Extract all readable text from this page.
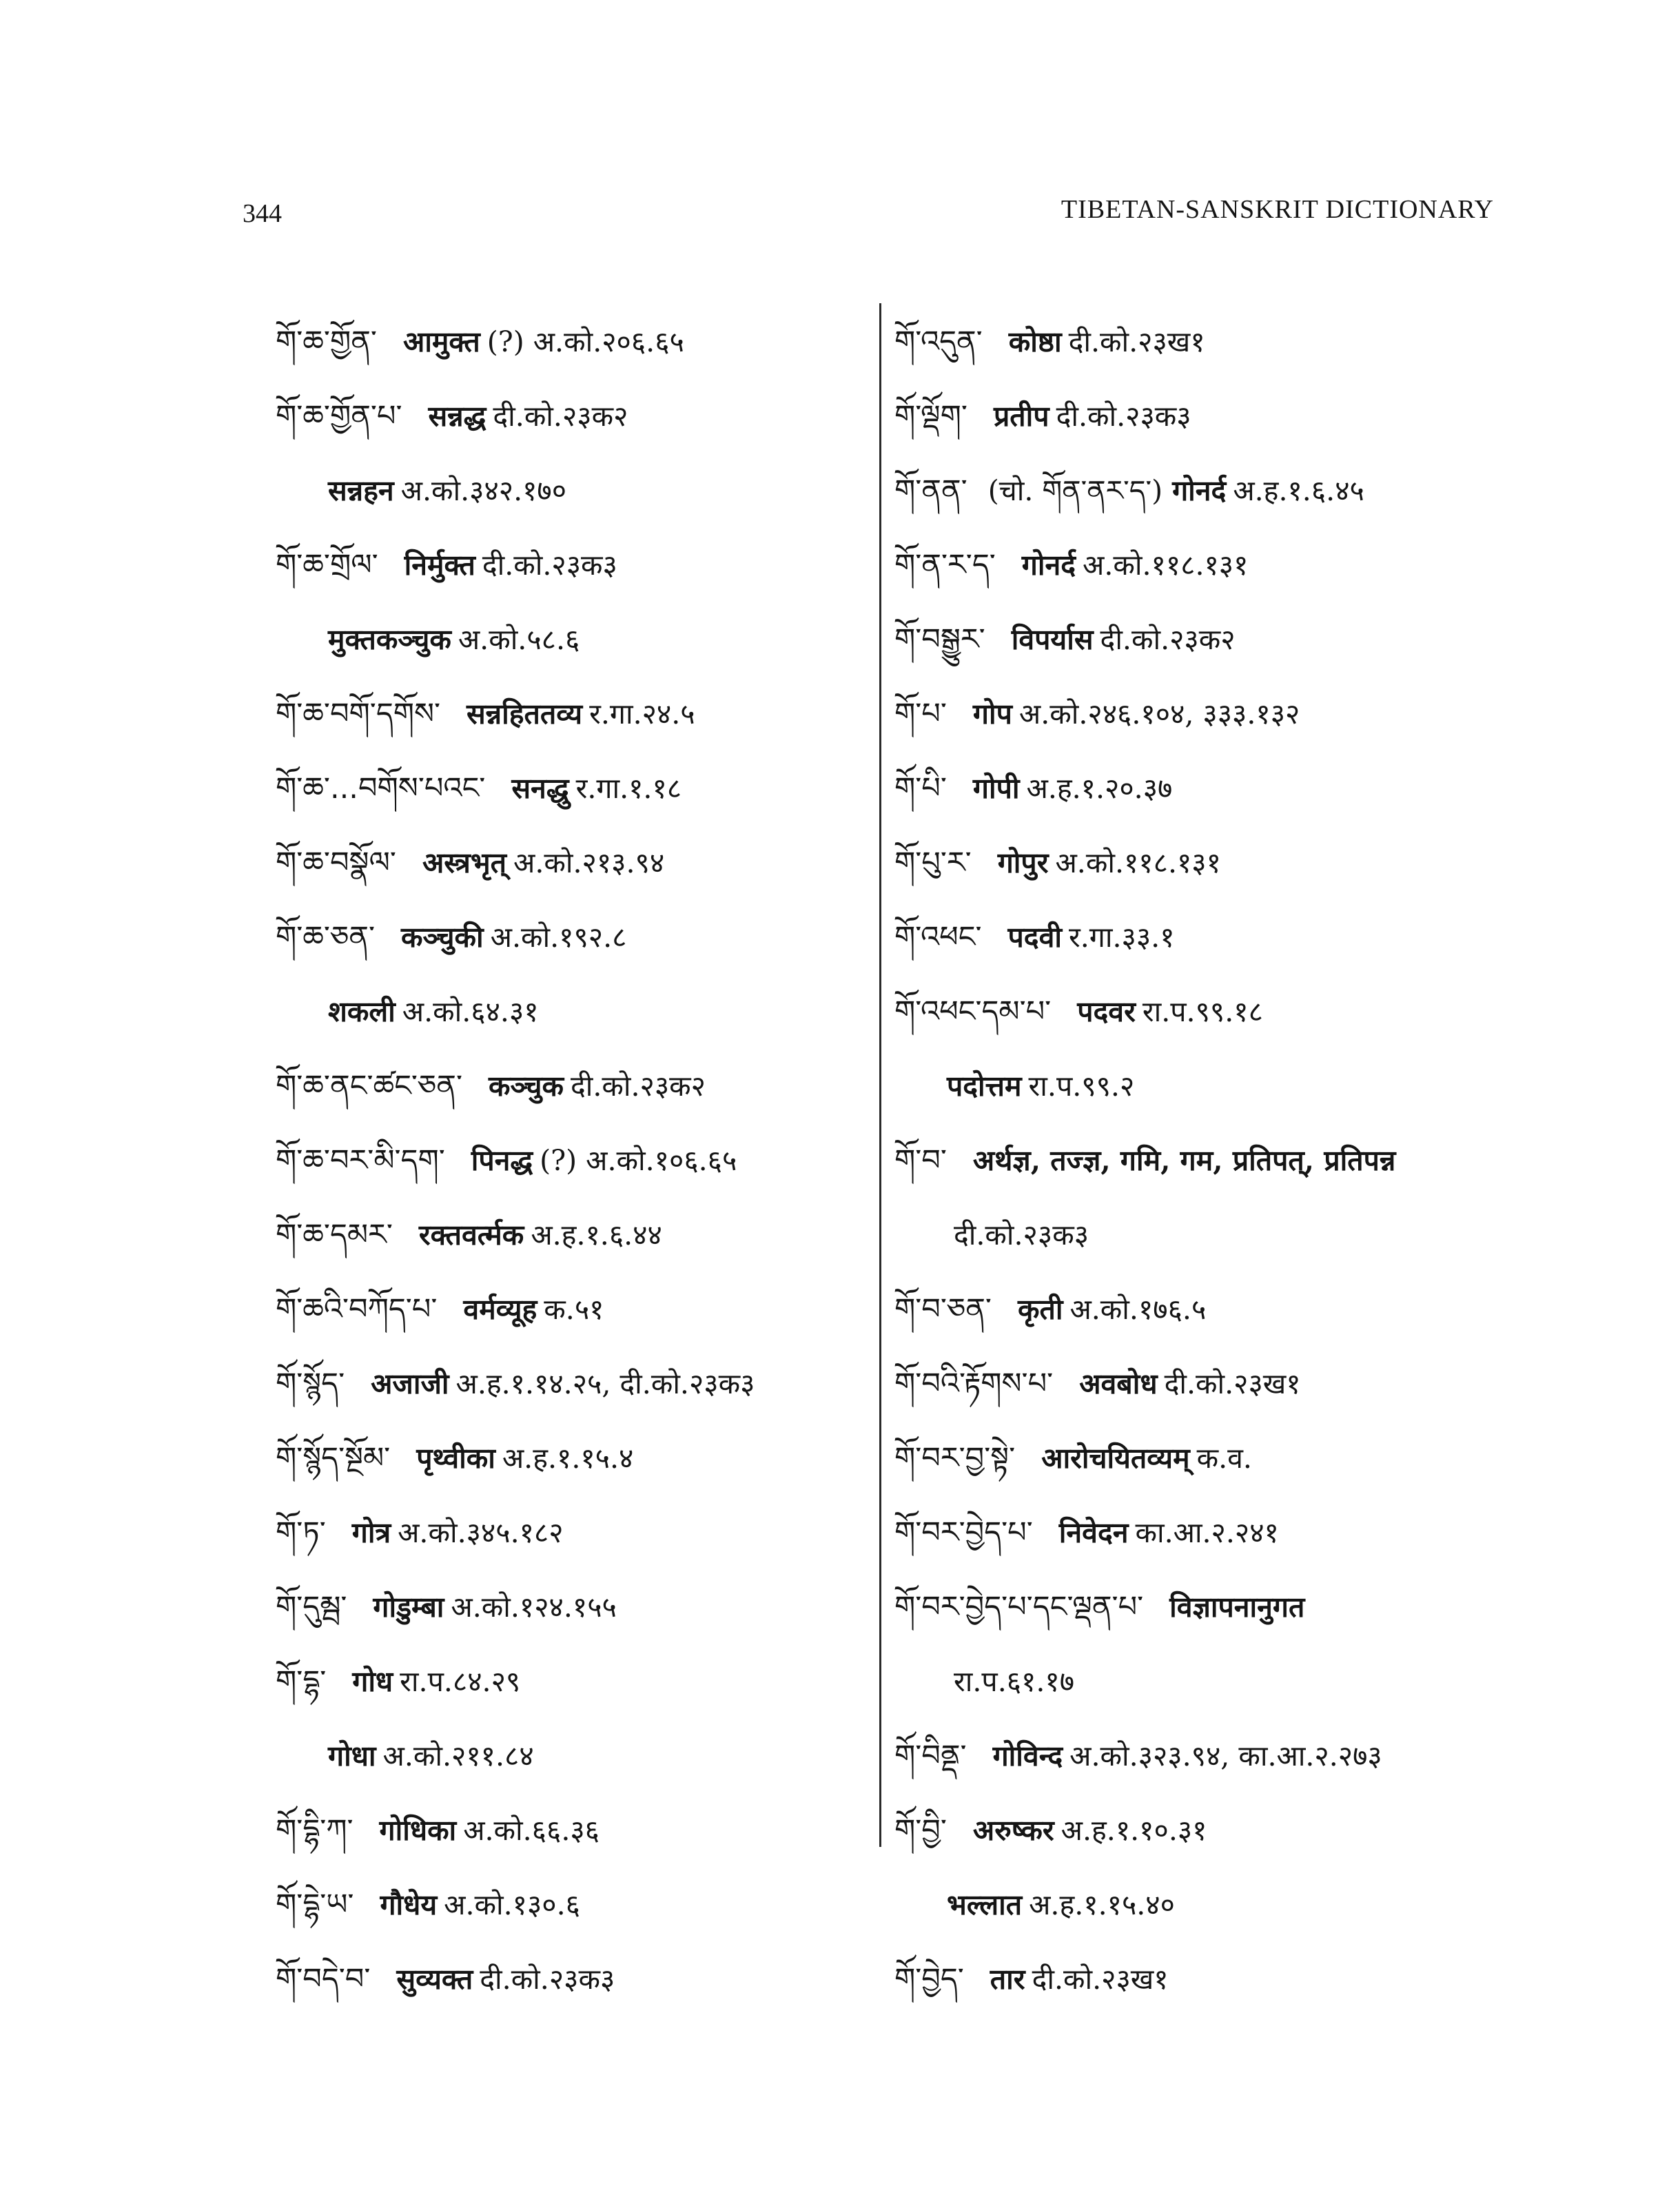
344	TIBETAN-SANSKRIT DICTIONARY
གོ་ཆ་གྱོན་ आमुक्त (?) अ.को.२०६.६५
གོ་ཆ་གྱོན་པ་ सन्नद्ध दी.को.२३क२
सन्नहन अ.को.३४२.१७०
གོ་ཆ་གྲོལ་ निर्मुक्त दी.को.२३क३
मुक्तकञ्चुक अ.को.५८.६
གོ་ཆ་བགོ་དགོས་ सन्नहिततव्य र.गा.२४.५
གོ་ཆ་...བགོས་པའང་ सनद्धु र.गा.१.१८
གོ་ཆ་བསྣོལ་ अस्त्रभृत् अ.को.२१३.९४
གོ་ཆ་ཅན་ कञ्चुकी अ.को.१९२.८
शकली अ.को.६४.३१
གོ་ཆ་ནང་ཚང་ཅན་ कञ्चुक दी.को.२३क२
གོ་ཆ་བར་མི་དག་ पिनद्ध (?) अ.को.१०६.६५
གོ་ཆ་དམར་ रक्तवर्त्मक अ.ह.१.६.४४
གོ་ཆའི་བཀོད་པ་ वर्मव्यूह क.५१
གོ་སྙོད་ अजाजी अ.ह.१.१४.२५, दी.को.२३क३
གོ་སྙོད་སྔོམ་ पृथ्वीका अ.ह.१.१५.४
གོ་ཏ་ गोत्र अ.को.३४५.१८२
གོ་དུམྦ་ गोडुम्बा अ.को.१२४.१५५
གོ་དྷ་ गोध रा.प.८४.२९
गोधा अ.को.२११.८४
གོ་དྷི་ཀ་ गोधिका अ.को.६६.३६
གོ་དྷེ་ཡ་ गौधेय अ.को.१३०.६
གོ་བདེ་བ་ सुव्यक्त दी.को.२३क३
གོ་འདུན་ कोष्ठा दी.को.२३ख१
གོ་ལྡོག་ प्रतीप दी.को.२३क३
གོ་ནན་ (चो. གོན་ནར་ད་) गोनर्द अ.ह.१.६.४५
གོ་ན་ར་ད་ गोनर्द अ.को.११८.१३१
གོ་བསྒྱུར་ विपर्यास दी.को.२३क२
གོ་པ་ गोप अ.को.२४६.१०४, ३३३.१३२
གོ་པི་ गोपी अ.ह.१.२०.३७
གོ་པུ་ར་ गोपुर अ.को.११८.१३१
གོ་འཕང་ पदवी र.गा.३३.१
གོ་འཕང་དམ་པ་ पदवर रा.प.९९.१८
पदोत्तम रा.प.९९.२
གོ་བ་ अर्थज्ञ, तज्ज्ञ, गमि, गम, प्रतिपत्, प्रतिपन्न
दी.को.२३क३
གོ་བ་ཅན་ कृती अ.को.१७६.५
གོ་བའི་རྟོགས་པ་ अवबोध दी.को.२३ख१
གོ་བར་བྱ་སྟེ་ आरोचयितव्यम् क.व.
གོ་བར་བྱེད་པ་ निवेदन का.आ.२.२४१
གོ་བར་བྱེད་པ་དང་ལྡན་པ་ विज्ञापनानुगत
रा.प.६१.१७
གོ་བིནྡ་ गोविन्द अ.को.३२३.९४, का.आ.२.२७३
གོ་བྱི་ अरुष्कर अ.ह.१.१०.३१
भल्लात अ.ह.१.१५.४०
གོ་བྱེད་ तार दी.को.२३ख१
